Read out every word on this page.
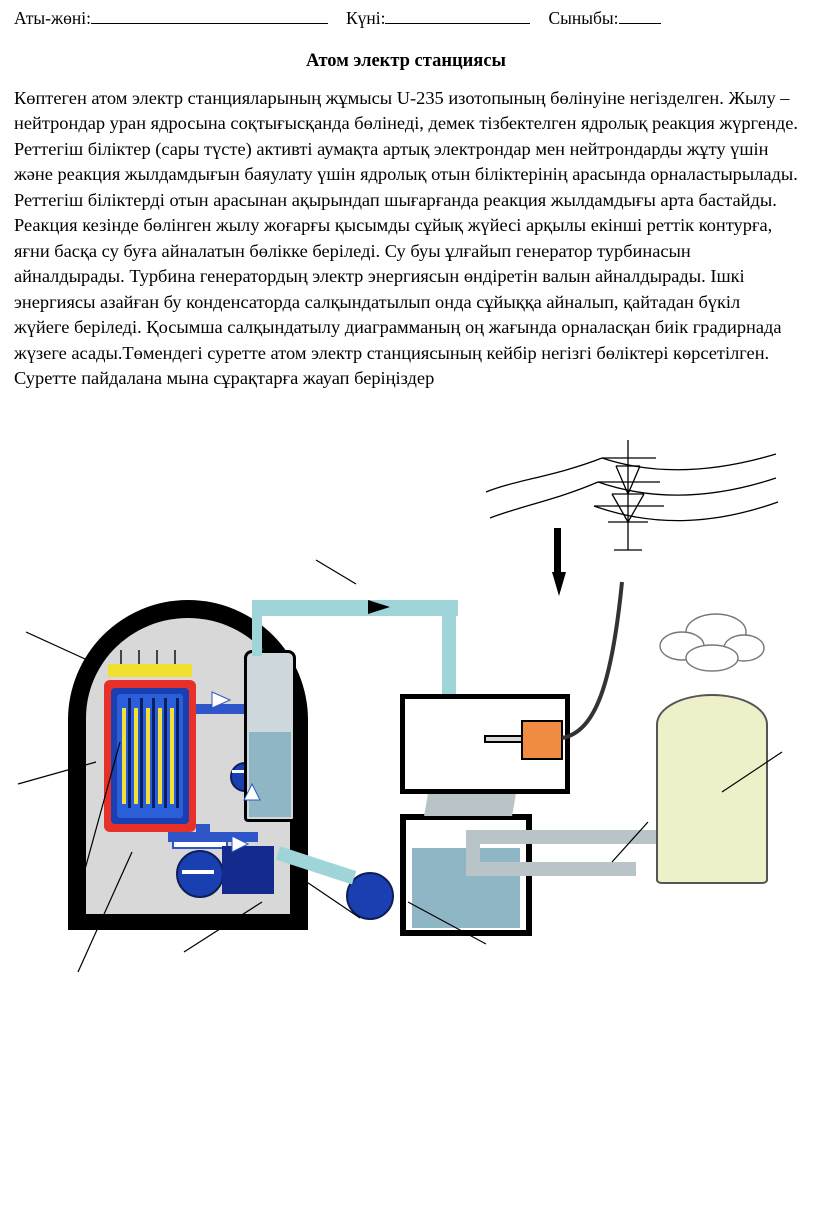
Аты-жөні:	Күні:	Сыныбы:
Атом электр станциясы
Көптеген атом электр станцияларының жұмысы U-235 изотопының бөлінуіне негізделген. Жылу –нейтрондар уран ядросына соқтығысқанда бөлінеді, демек тізбектелген ядролық реакция жүргенде. Реттегіш біліктер (сары түсте) активті аумақта артық электрондар мен нейтрондарды жұту үшін және реакция жылдамдығын баяулату үшін ядролық отын біліктерінің арасында орналастырылады. Реттегіш біліктерді отын арасынан ақырындап шығарғанда реакция жылдамдығы арта бастайды. Реакция кезінде бөлінген жылу жоғарғы қысымды сұйық жүйесі арқылы екінші реттік контурға, яғни басқа су буға айналатын бөлікке беріледі. Су буы ұлғайып генератор турбинасын айналдырады. Турбина генератордың электр энергиясын өндіретін валын айналдырады. Ішкі энергиясы азайған бу конденсаторда салқындатылып онда сұйыққа айналып, қайтадан бүкіл жүйеге беріледі. Қосымша салқындатылу диаграмманың оң жағында орналасқан биік градирнада жүзеге асады.Төмендегі суретте атом электр станциясының кейбір негізгі бөліктері көрсетілген. Суретте пайдалана мына сұрақтарға жауап беріңіздер
